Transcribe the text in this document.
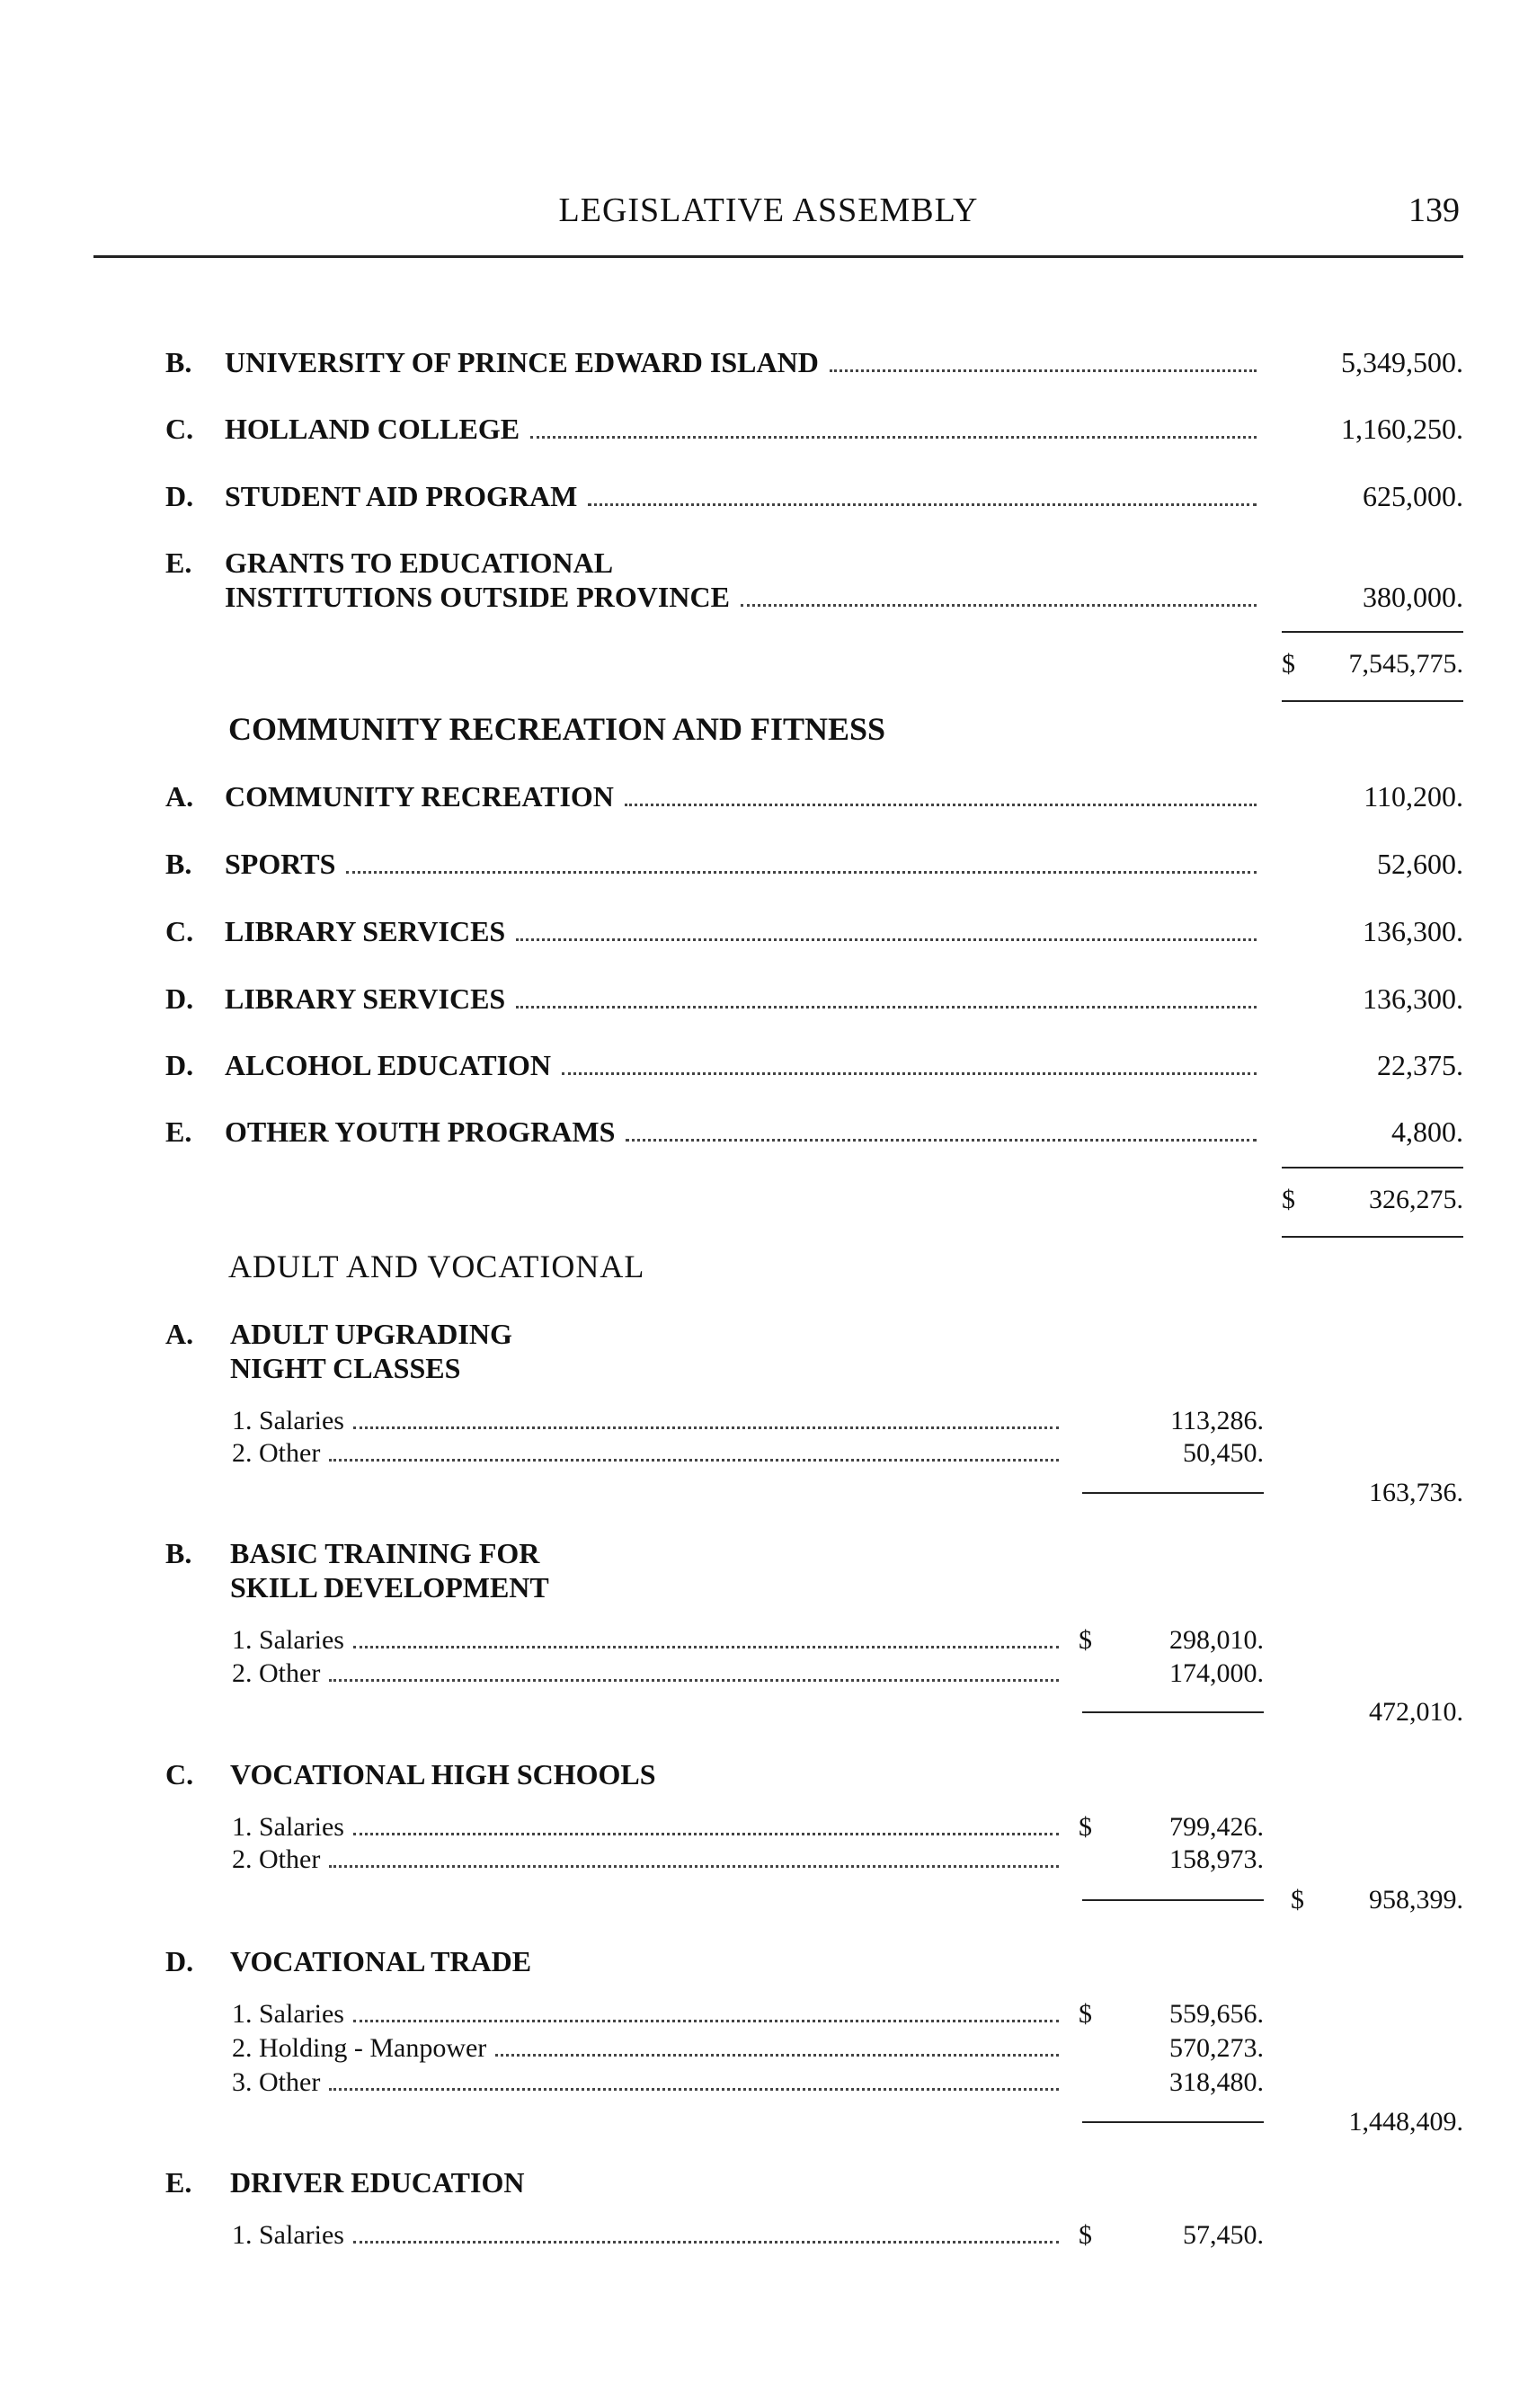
LEGISLATIVE ASSEMBLY	139
B. UNIVERSITY OF PRINCE EDWARD ISLAND	5,349,500.
C. HOLLAND COLLEGE	1,160,250.
D. STUDENT AID PROGRAM	625,000.
E. GRANTS TO EDUCATIONAL
INSTITUTIONS OUTSIDE PROVINCE	380,000.
$ 7,545,775.
COMMUNITY RECREATION AND FITNESS
A. COMMUNITY RECREATION	110,200.
B. SPORTS	52,600.
C. LIBRARY SERVICES	136,300.
D. LIBRARY SERVICES	136,300.
D. ALCOHOL EDUCATION	22,375.
E. OTHER YOUTH PROGRAMS	4,800.
$	326,275.
ADULT AND VOCATIONAL
A. ADULT UPGRADING
NIGHT CLASSES
1. Salaries	113,286.
2. Other	50,450.
163,736.
B. BASIC TRAINING FOR
SKILL DEVELOPMENT
1. Salaries	$	298,010.
2. Other	174,000.
472,010.
C. VOCATIONAL HIGH SCHOOLS
1. Salaries	$	799,426.
2. Other	158,973.
$ 958,399.
D. VOCATIONAL TRADE
1. Salaries	$	559,656.
2. Holding - Manpower	570,273.
3. Other	318,480.
1,448,409.
E. DRIVER EDUCATION
1. Salaries	$	57,450.
